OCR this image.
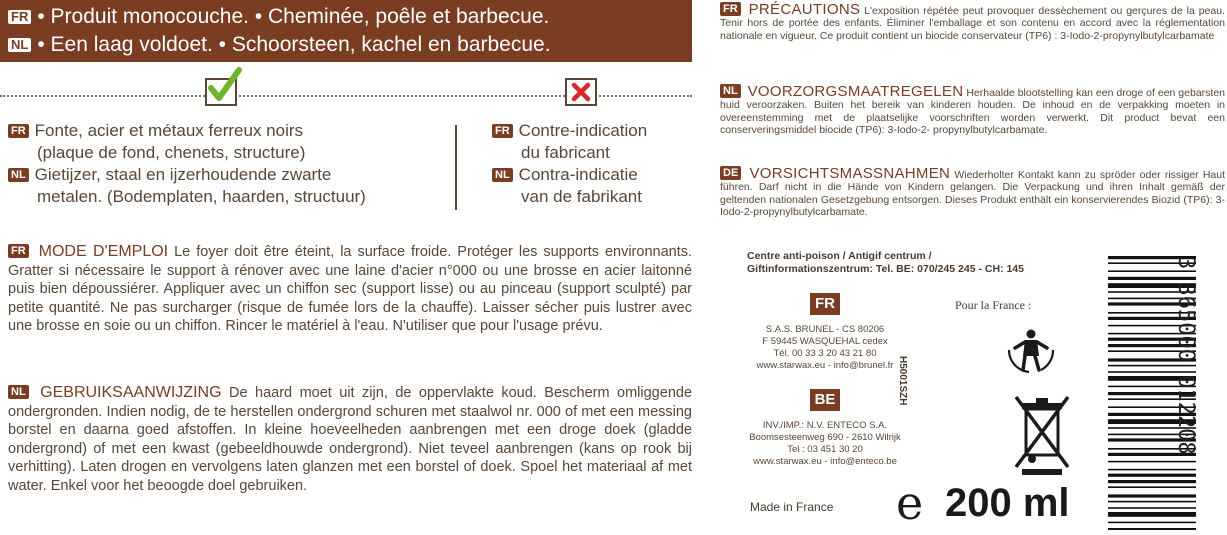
FR • Produit monocouche. • Cheminée, poêle et barbecue.
NL • Een laag voldoet. • Schoorsteen, kachel en barbecue.
FR Fonte, acier et métaux ferreux noirs
(plaque de fond, chenets, structure)
NL Gietijzer, staal en ijzerhoudende zwarte
metalen. (Bodemplaten, haarden, structuur)
FR Contre-indication
du fabricant
NL Contra-indicatie
van de fabrikant
FR MODE D'EMPLOI Le foyer doit être éteint, la surface froide. Protéger les supports environnants. Gratter si nécessaire le support à rénover avec une laine d'acier n°000 ou une brosse en acier laitonné puis bien dépoussiérer. Appliquer avec un chiffon sec (support lisse) ou au pinceau (support sculpté) par petite quantité. Ne pas surcharger (risque de fumée lors de la chauffe). Laisser sécher puis lustrer avec une brosse en soie ou un chiffon. Rincer le matériel à l'eau. N'utiliser que pour l'usage prévu.
NL GEBRUIKSAANWIJZING De haard moet uit zijn, de oppervlakte koud. Bescherm omliggende ondergronden. Indien nodig, de te herstellen ondergrond schuren met staalwol nr. 000 of met een messing borstel en daarna goed afstoffen. In kleine hoeveelheden aanbrengen met een droge doek (gladde ondergrond) of met een kwast (gebeeldhouwde ondergrond). Niet teveel aanbrengen (kans op rook bij verhitting). Laten drogen en vervolgens laten glanzen met een borstel of doek. Spoel het materiaal af met water. Enkel voor het beoogde doel gebruiken.
FR PRÉCAUTIONS L'exposition répétée peut provoquer dessèchement ou gerçures de la peau. Tenir hors de portée des enfants. Éliminer l'emballage et son contenu en accord avec la réglementation nationale en vigueur. Ce produit contient un biocide conservateur (TP6) : 3-Iodo-2-propynylbutylcarbamate
NL VOORZORGSMAATREGELEN Herhaalde blootstelling kan een droge of een gebarsten huid veroorzaken. Buiten het bereik van kinderen houden. De inhoud en de verpakking moeten in overeenstemming met de plaatselijke voorschriften worden verwerkt. Dit product bevat een conserveringsmiddel biocide (TP6): 3-Iodo-2- propynylbutylcarbamate.
DE VORSICHTSMASSNAHMEN Wiederholter Kontakt kann zu spröder oder rissiger Haut führen. Darf nicht in die Hände von Kindern gelangen. Die Verpackung und ihren Inhalt gemäß der geltenden nationalen Gesetzgebung entsorgen. Dieses Produkt enthält ein konservierendes Biozid (TP6): 3-Iodo-2-propynylbutylcarbamate.
Centre anti-poison / Antigif centrum /
Giftinformationszentrum: Tel. BE: 070/245 245 - CH: 145
FR
S.A.S. BRUNEL - CS 80206
F 59445 WASQUEHAL cedex
Tél. 00 33 3 20 43 21 80
www.starwax.eu - info@brunel.fr H5001SZH
BE
INV./IMP.: N.V. ENTECO S.A.
Boomsesteenweg 690 - 2610 Wilrijk
Tel : 03 451 30 20
www.starwax.eu - info@enteco.be
Pour la France :
Made in France e 200 ml
3 365000 012208
